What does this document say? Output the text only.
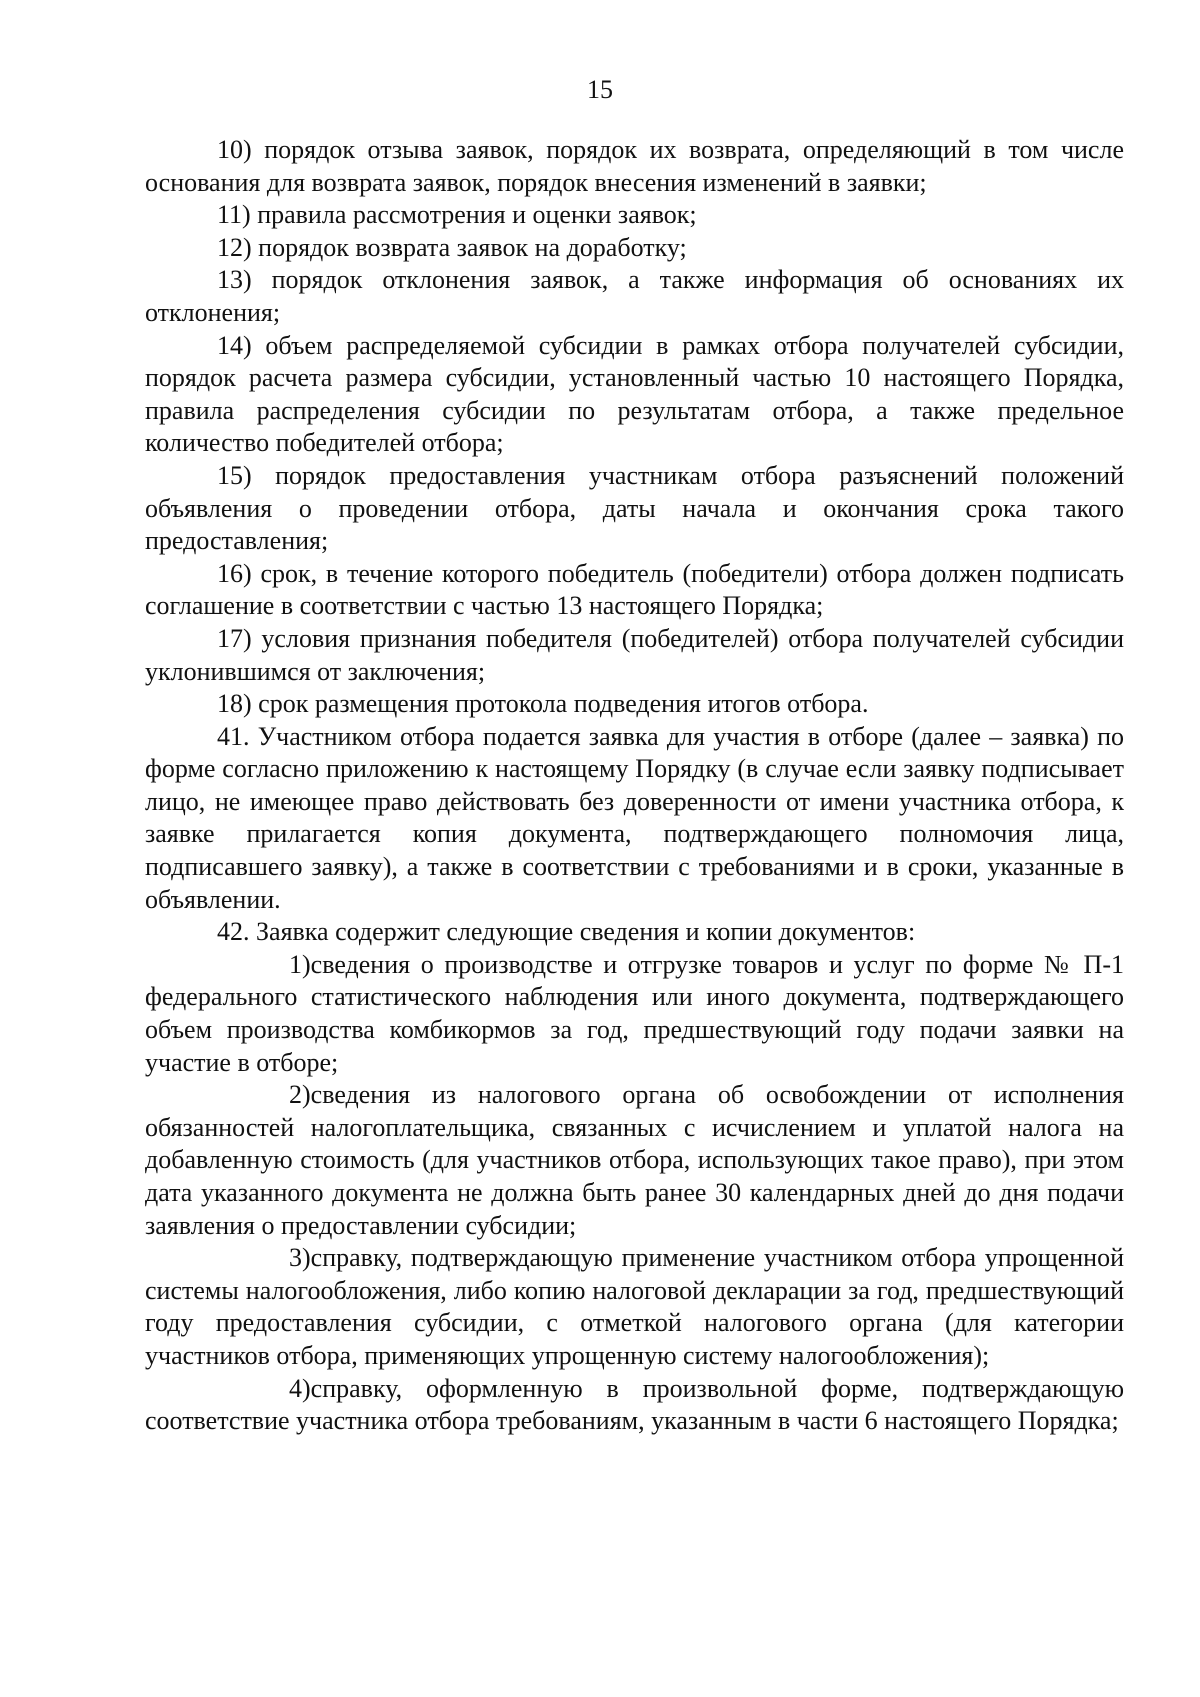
15

10) порядок отзыва заявок, порядок их возврата, определяющий в том числе основания для возврата заявок, порядок внесения изменений в заявки;

11) правила рассмотрения и оценки заявок;

12) порядок возврата заявок на доработку;

13) порядок отклонения заявок, а также информация об основаниях их отклонения;

14) объем распределяемой субсидии в рамках отбора получателей субсидии, порядок расчета размера субсидии, установленный частью 10 настоящего Порядка, правила распределения субсидии по результатам отбора, а также предельное количество победителей отбора;

15) порядок предоставления участникам отбора разъяснений положений объявления о проведении отбора, даты начала и окончания срока такого предоставления;

16) срок, в течение которого победитель (победители) отбора должен подписать соглашение в соответствии с частью 13 настоящего Порядка;

17) условия признания победителя (победителей) отбора получателей субсидии уклонившимся от заключения;

18) срок размещения протокола подведения итогов отбора.

41. Участником отбора подается заявка для участия в отборе (далее – заявка) по форме согласно приложению к настоящему Порядку (в случае если заявку подписывает лицо, не имеющее право действовать без доверенности от имени участника отбора, к заявке прилагается копия документа, подтверждающего полномочия лица, подписавшего заявку), а также в соответствии с требованиями и в сроки, указанные в объявлении.

42. Заявка содержит следующие сведения и копии документов:

1)сведения о производстве и отгрузке товаров и услуг по форме № П-1 федерального статистического наблюдения или иного документа, подтверждающего объем производства комбикормов за год, предшествующий году подачи заявки на участие в отборе;

2)сведения из налогового органа об освобождении от исполнения обязанностей налогоплательщика, связанных с исчислением и уплатой налога на добавленную стоимость (для участников отбора, использующих такое право), при этом дата указанного документа не должна быть ранее 30 календарных дней до дня подачи заявления о предоставлении субсидии;

3)справку, подтверждающую применение участником отбора упрощенной системы налогообложения, либо копию налоговой декларации за год, предшествующий году предоставления субсидии, с отметкой налогового органа (для категории участников отбора, применяющих упрощенную систему налогообложения);

4)справку, оформленную в произвольной форме, подтверждающую соответствие участника отбора требованиям, указанным в части 6 настоящего Порядка;
